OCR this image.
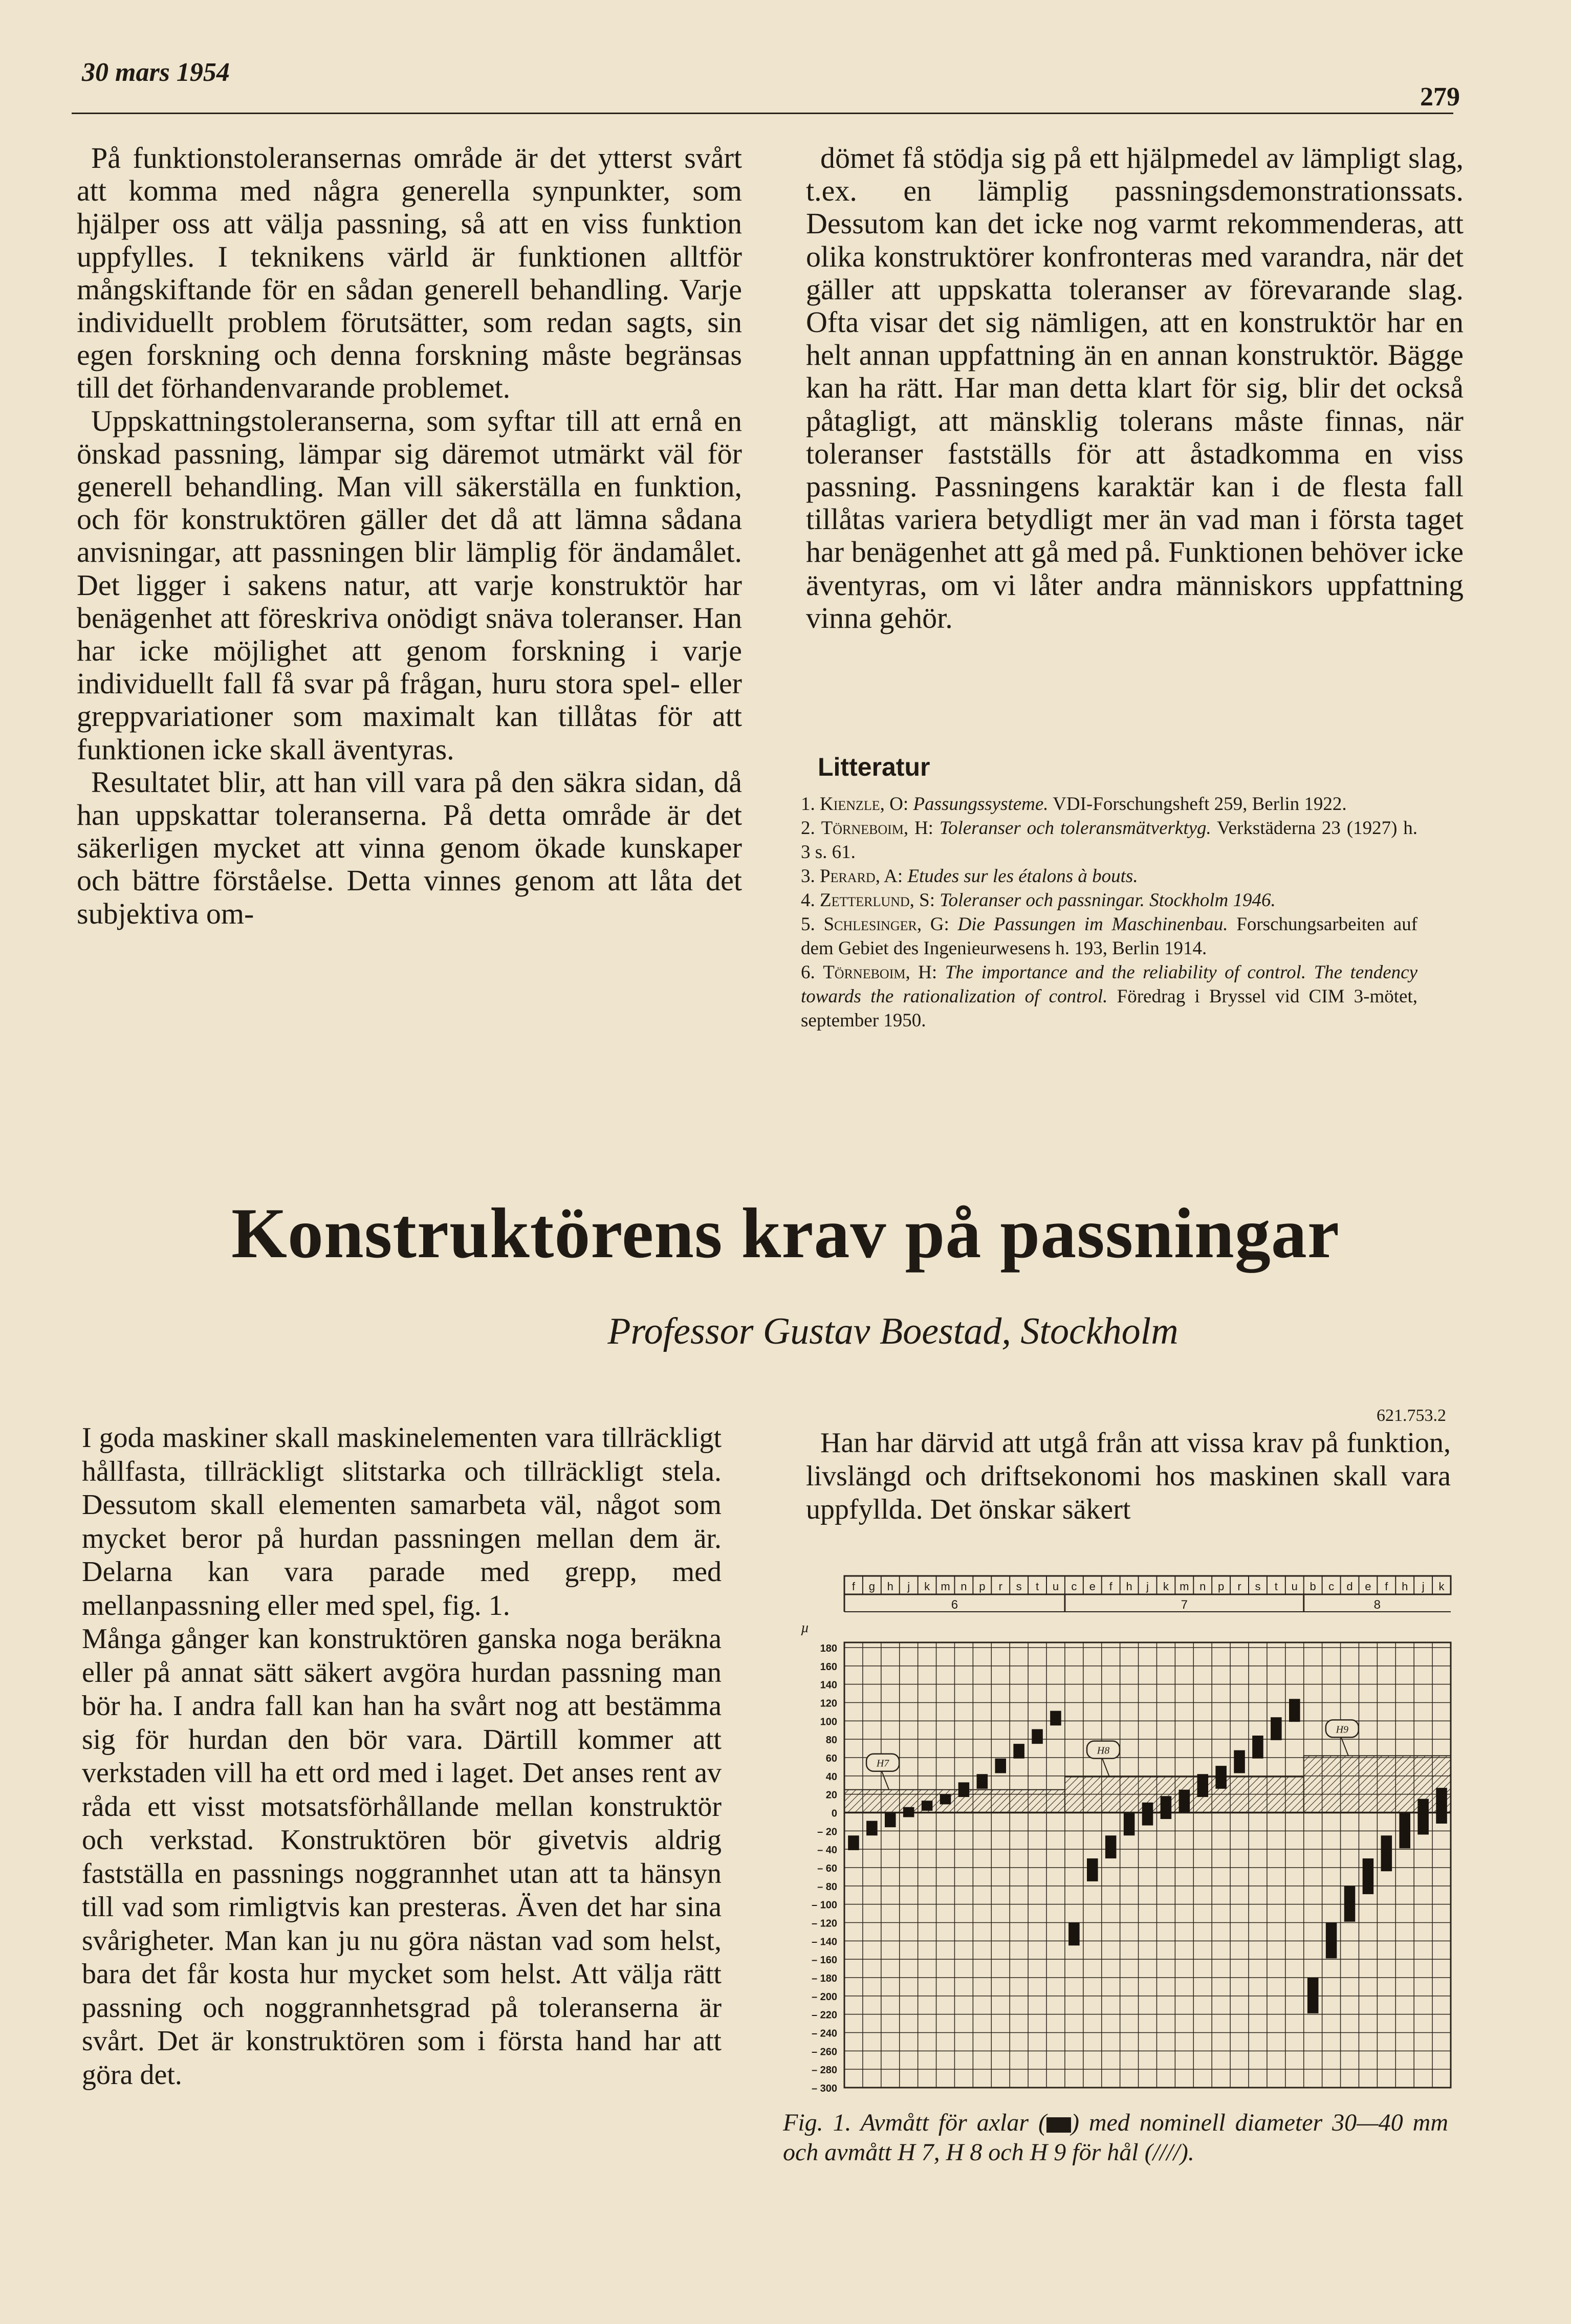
30 mars 1954
279

På funktionstoleransernas område är det ytterst svårt att komma med några generella synpunkter, som hjälper oss att välja passning, så att en viss funktion uppfylles. I teknikens värld är funktionen alltför mångskiftande för en sådan generell behandling. Varje individuellt problem förutsätter, som redan sagts, sin egen forskning och denna forskning måste begränsas till det förhandenvarande problemet.

Uppskattningstoleranserna, som syftar till att ernå en önskad passning, lämpar sig däremot utmärkt väl för generell behandling. Man vill säkerställa en funktion, och för konstruktören gäller det då att lämna sådana anvisningar, att passningen blir lämplig för ändamålet. Det ligger i sakens natur, att varje konstruktör har benägenhet att föreskriva onödigt snäva toleranser. Han har icke möjlighet att genom forskning i varje individuellt fall få svar på frågan, huru stora spel- eller greppvariationer som maximalt kan tillåtas för att funktionen icke skall äventyras.

Resultatet blir, att han vill vara på den säkra sidan, då han uppskattar toleranserna. På detta område är det säkerligen mycket att vinna genom ökade kunskaper och bättre förståelse. Detta vinnes genom att låta det subjektiva om-

dömet få stödja sig på ett hjälpmedel av lämpligt slag, t.ex. en lämplig passningsdemonstrationssats. Dessutom kan det icke nog varmt rekommenderas, att olika konstruktörer konfronteras med varandra, när det gäller att uppskatta toleranser av förevarande slag. Ofta visar det sig nämligen, att en konstruktör har en helt annan uppfattning än en annan konstruktör. Bägge kan ha rätt. Har man detta klart för sig, blir det också påtagligt, att mänsklig tolerans måste finnas, när toleranser fastställs för att åstadkomma en viss passning. Passningens karaktär kan i de flesta fall tillåtas variera betydligt mer än vad man i första taget har benägenhet att gå med på. Funktionen behöver icke äventyras, om vi låter andra människors uppfattning vinna gehör.

Litteratur
1. Kienzle, O: Passungssysteme. VDI-Forschungsheft 259, Berlin 1922.
2. Törneboim, H: Toleranser och toleransmätverktyg. Verkstäderna 23 (1927) h. 3 s. 61.
3. Perard, A: Etudes sur les étalons à bouts.
4. Zetterlund, S: Toleranser och passningar. Stockholm 1946.
5. Schlesinger, G: Die Passungen im Maschinenbau. Forschungsarbeiten auf dem Gebiet des Ingenieurwesens h. 193, Berlin 1914.
6. Törneboim, H: The importance and the reliability of control. The tendency towards the rationalization of control. Föredrag i Bryssel vid CIM 3-mötet, september 1950.
Konstruktörens krav på passningar
Professor Gustav Boestad, Stockholm
621.753.2

I goda maskiner skall maskinelementen vara tillräckligt hållfasta, tillräckligt slitstarka och tillräckligt stela. Dessutom skall elementen samarbeta väl, något som mycket beror på hurdan passningen mellan dem är. Delarna kan vara parade med grepp, med mellanpassning eller med spel, fig. 1.

Många gånger kan konstruktören ganska noga beräkna eller på annat sätt säkert avgöra hurdan passning man bör ha. I andra fall kan han ha svårt nog att bestämma sig för hurdan den bör vara. Därtill kommer att verkstaden vill ha ett ord med i laget. Det anses rent av råda ett visst motsatsförhållande mellan konstruktör och verkstad. Konstruktören bör givetvis aldrig fastställa en passnings noggrannhet utan att ta hänsyn till vad som rimligtvis kan presteras. Även det har sina svårigheter. Man kan ju nu göra nästan vad som helst, bara det får kosta hur mycket som helst. Att välja rätt passning och noggrannhetsgrad på toleranserna är svårt. Det är konstruktören som i första hand har att göra det.

Han har därvid att utgå från att vissa krav på funktion, livslängd och driftsekonomi hos maskinen skall vara uppfyllda. Det önskar säkert

f g h j k m n p r s t u c e f h j k m n p r s t u b c d e f h j k
6	7	8
µ
180
160
140
120
100
80
60
40
20
0
– 20
– 40
– 60
– 80
– 100
– 120
– 140
– 160
– 180
– 200
– 220
– 240
– 260
– 280
– 300
H7
H8
H9
Fig. 1. Avmått för axlar ( ) med nominell diameter 30—40 mm och avmått H 7, H 8 och H 9 för hål (////).
